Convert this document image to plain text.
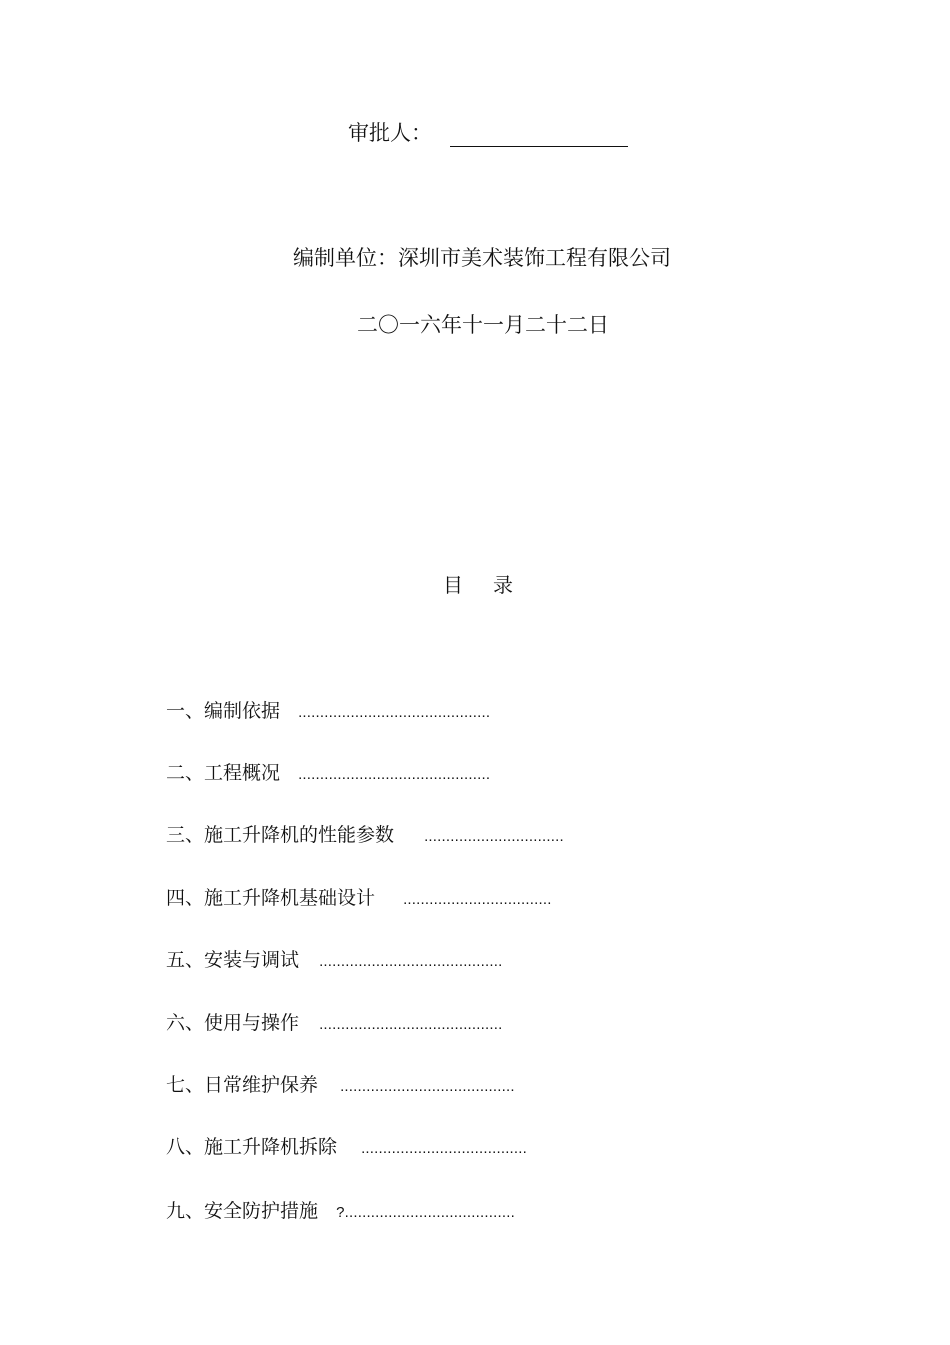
审批人：
编制单位：深圳市美术装饰工程有限公司
二〇一六年十一月二十二日
目录
一、编制依据 ............................................
二、工程概况 ............................................
三、施工升降机的性能参数 ................................
四、施工升降机基础设计 ..................................
五、安装与调试 ..........................................
六、使用与操作 ..........................................
七、日常维护保养 ........................................
八、施工升降机拆除 ......................................
九、安全防护措施 ?.......................................
